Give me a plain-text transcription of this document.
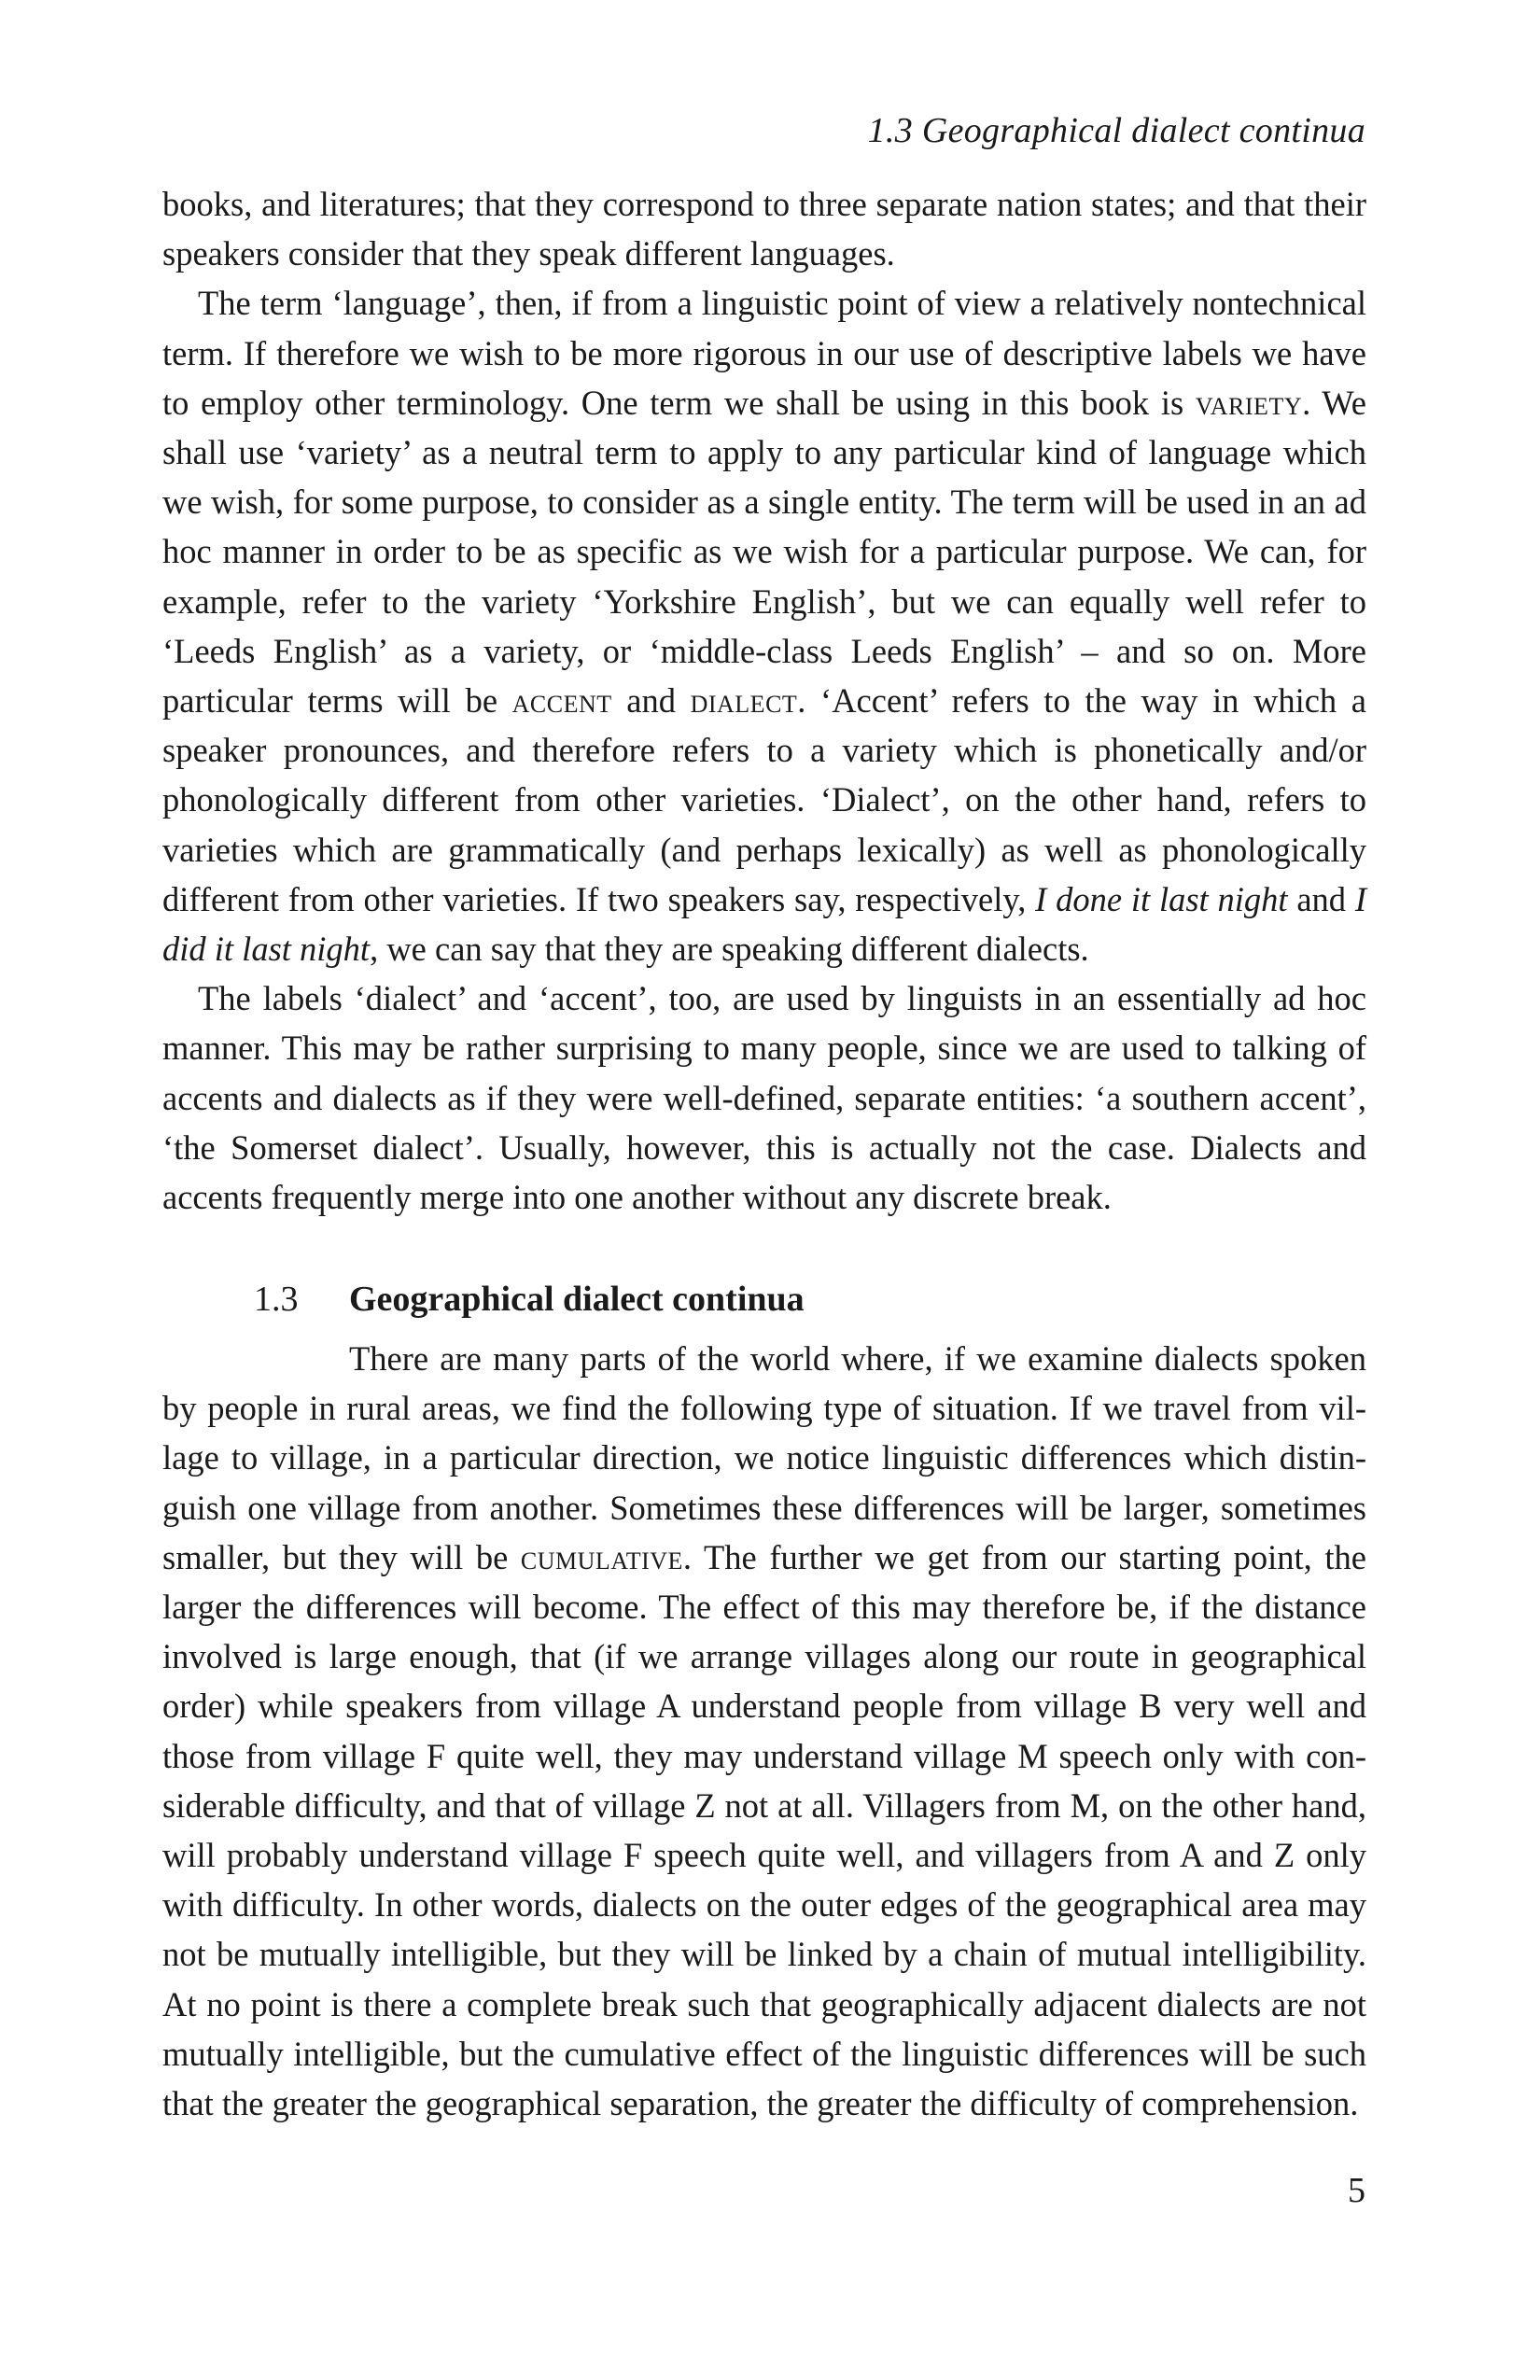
1.3 Geographical dialect continua

books, and literatures; that they correspond to three separate nation states; and that their speakers consider that they speak different languages.

The term ‘language’, then, if from a linguistic point of view a relatively nontechnical term. If therefore we wish to be more rigorous in our use of descriptive labels we have to employ other terminology. One term we shall be using in this book is variety. We shall use ‘variety’ as a neutral term to apply to any particular kind of language which we wish, for some purpose, to consider as a single entity. The term will be used in an ad hoc manner in order to be as specific as we wish for a particular purpose. We can, for example, refer to the variety ‘Yorkshire English’, but we can equally well refer to ‘Leeds English’ as a variety, or ‘middle-class Leeds English’ – and so on. More particular terms will be accent and dialect. ‘Accent’ refers to the way in which a speaker pronounces, and therefore refers to a variety which is phonetically and/or phonologically different from other varieties. ‘Dialect’, on the other hand, refers to varieties which are grammatically (and perhaps lexically) as well as phonologically different from other varieties. If two speakers say, respectively, I done it last night and I did it last night, we can say that they are speaking different dialects.

The labels ‘dialect’ and ‘accent’, too, are used by linguists in an essentially ad hoc manner. This may be rather surprising to many people, since we are used to talking of accents and dialects as if they were well-defined, separate entities: ‘a southern accent’, ‘the Somerset dialect’. Usually, however, this is actually not the case. Dialects and accents frequently merge into one another without any discrete break.

1.3 Geographical dialect continua

There are many parts of the world where, if we examine dialects spoken by people in rural areas, we find the following type of situation. If we travel from village to village, in a particular direction, we notice linguistic differences which distinguish one village from another. Sometimes these differences will be larger, sometimes smaller, but they will be cumulative. The further we get from our starting point, the larger the differences will become. The effect of this may therefore be, if the distance involved is large enough, that (if we arrange villages along our route in geographical order) while speakers from village A understand people from village B very well and those from village F quite well, they may understand village M speech only with considerable difficulty, and that of village Z not at all. Villagers from M, on the other hand, will probably understand village F speech quite well, and villagers from A and Z only with difficulty. In other words, dialects on the outer edges of the geographical area may not be mutually intelligible, but they will be linked by a chain of mutual intelligibility. At no point is there a complete break such that geographically adjacent dialects are not mutually intelligible, but the cumulative effect of the linguistic differences will be such that the greater the geographical separation, the greater the difficulty of comprehension.

5
